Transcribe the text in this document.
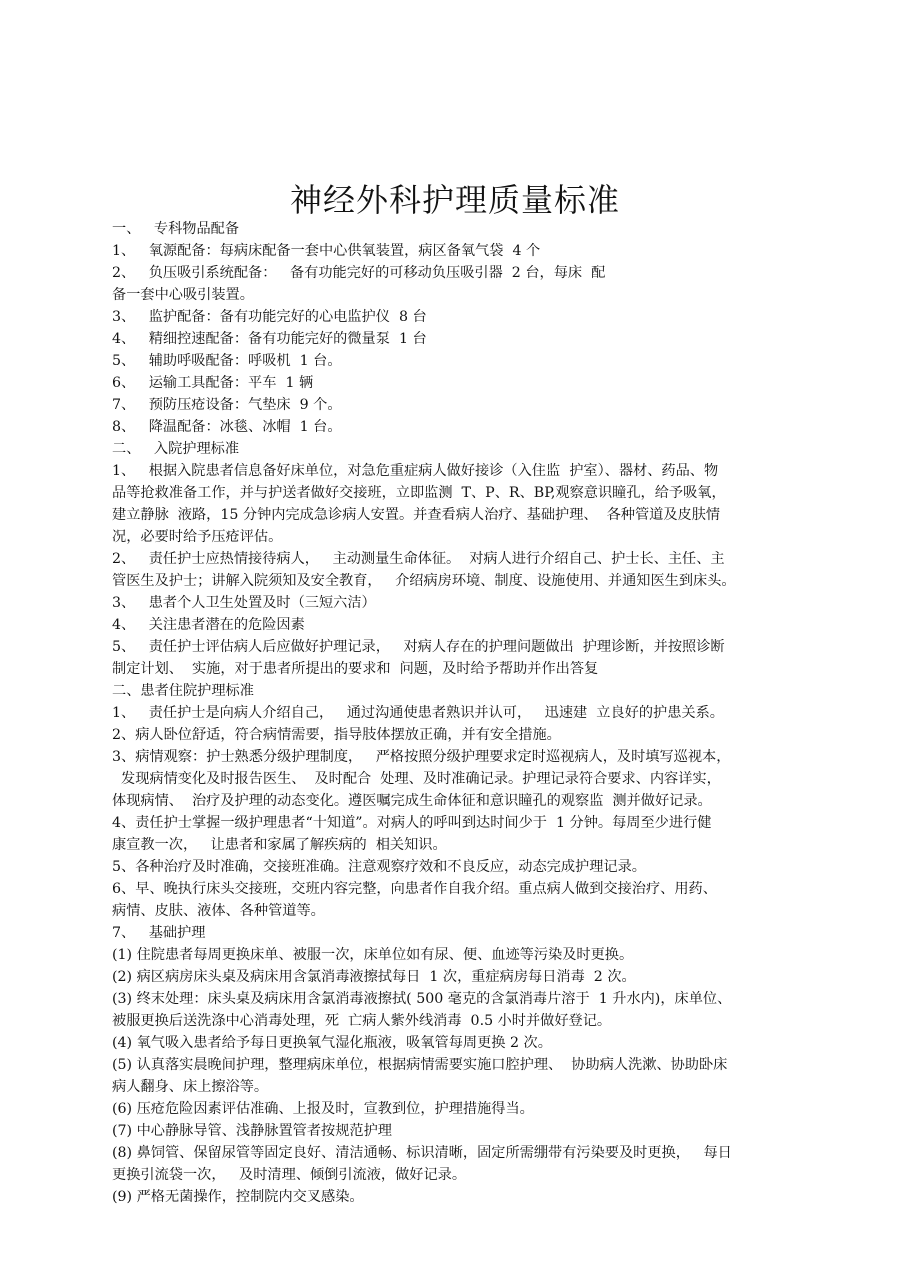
神经外科护理质量标准

一、   专科物品配备

1、   氧源配备：每病床配备一套中心供氧装置，病区备氧气袋  4 个

2、   负压吸引系统配备：   备有功能完好的可移动负压吸引器  2 台，每床  配

备一套中心吸引装置。

3、   监护配备：备有功能完好的心电监护仪  8 台

4、   精细控速配备：备有功能完好的微量泵  1 台

5、   辅助呼吸配备：呼吸机  1 台。

6、   运输工具配备：平车  1 辆

7、   预防压疮设备：气垫床  9 个。

8、   降温配备：冰毯、冰帽  1 台。

二、   入院护理标准

1、   根据入院患者信息备好床单位，对急危重症病人做好接诊（入住监  护室）、器材、药品、物

品等抢救准备工作，并与护送者做好交接班，立即监测  T、P、R、BP,观察意识瞳孔，给予吸氧，

建立静脉  液路，15 分钟内完成急诊病人安置。并查看病人治疗、基础护理、  各种管道及皮肤情

况，必要时给予压疮评估。

2、   责任护士应热情接待病人，   主动测量生命体征。  对病人进行介绍自己、护士长、主任、主

管医生及护士；讲解入院须知及安全教育，   介绍病房环境、制度、设施使用、并通知医生到床头。

3、   患者个人卫生处置及时（三短六洁）

4、   关注患者潜在的危险因素

5、   责任护士评估病人后应做好护理记录，   对病人存在的护理问题做出  护理诊断，并按照诊断

制定计划、  实施，对于患者所提出的要求和  问题，及时给予帮助并作出答复

二、患者住院护理标准

1、   责任护士是向病人介绍自己，   通过沟通使患者熟识并认可，   迅速建  立良好的护患关系。

2、病人卧位舒适，符合病情需要，指导肢体摆放正确，并有安全措施。

3、病情观察：护士熟悉分级护理制度，   严格按照分级护理要求定时巡视病人，及时填写巡视本，

发现病情变化及时报告医生、  及时配合  处理、及时准确记录。护理记录符合要求、内容详实，

体现病情、  治疗及护理的动态变化。遵医嘱完成生命体征和意识瞳孔的观察监  测并做好记录。

4、责任护士掌握一级护理患者“十知道”。对病人的呼叫到达时间少于  1 分钟。每周至少进行健

康宣教一次，   让患者和家属了解疾病的  相关知识。

5、各种治疗及时准确，交接班准确。注意观察疗效和不良反应，动态完成护理记录。

6、早、晚执行床头交接班，交班内容完整，向患者作自我介绍。重点病人做到交接治疗、用药、

病情、皮肤、液体、各种管道等。

7、   基础护理

(1) 住院患者每周更换床单、被服一次，床单位如有尿、便、血迹等污染及时更换。

(2) 病区病房床头桌及病床用含氯消毒液擦拭每日  1 次，重症病房每日消毒  2 次。

(3) 终末处理：床头桌及病床用含氯消毒液擦拭( 500 毫克的含氯消毒片溶于  1 升水内)，床单位、

被服更换后送洗涤中心消毒处理，死  亡病人紫外线消毒  0.5 小时并做好登记。

(4) 氧气吸入患者给予每日更换氧气湿化瓶液，吸氧管每周更换 2 次。

(5) 认真落实晨晚间护理，整理病床单位，根据病情需要实施口腔护理、  协助病人洗漱、协助卧床

病人翻身、床上擦浴等。

(6) 压疮危险因素评估准确、上报及时，宣教到位，护理措施得当。

(7) 中心静脉导管、浅静脉置管者按规范护理

(8) 鼻饲管、保留尿管等固定良好、清洁通畅、标识清晰，固定所需绷带有污染要及时更换，   每日

更换引流袋一次，   及时清理、倾倒引流液，做好记录。

(9) 严格无菌操作，控制院内交叉感染。
